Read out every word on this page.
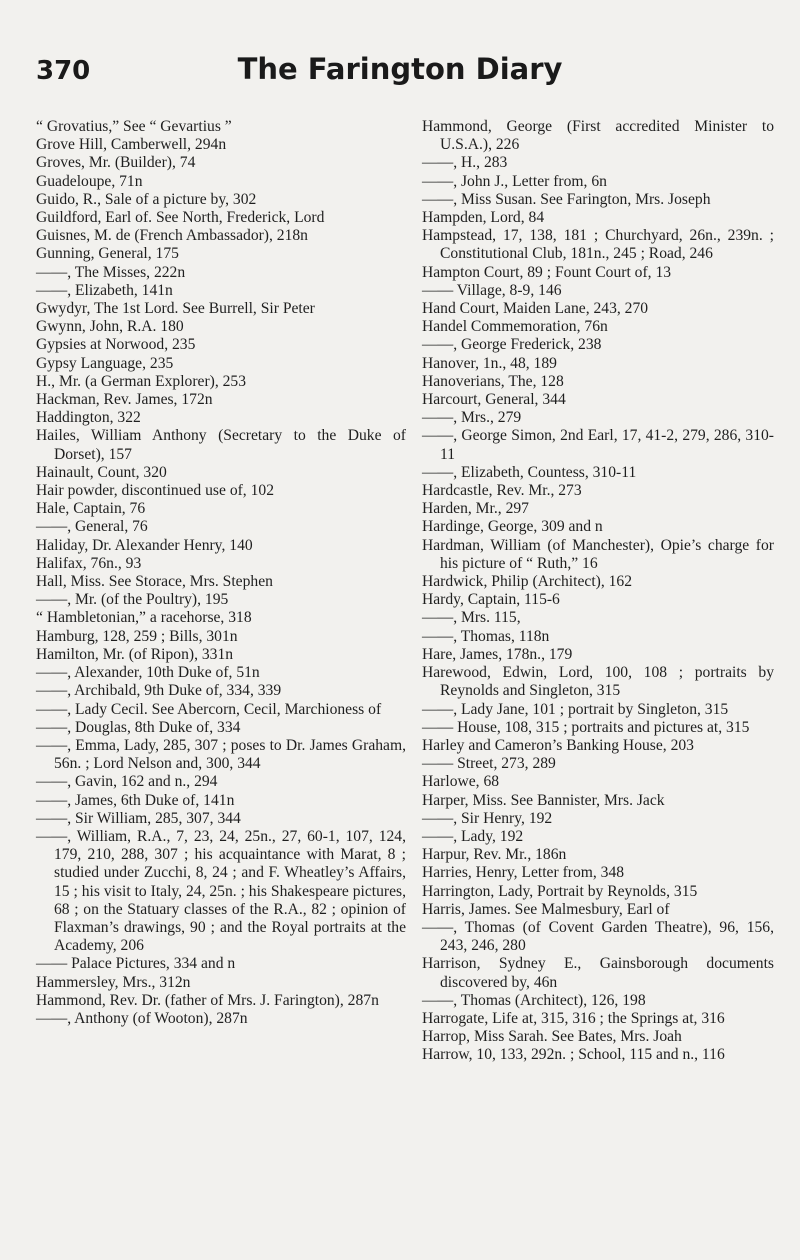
370	The Farington Diary
“ Grovatius,” See “ Gevartius ”
Grove Hill, Camberwell, 294n
Groves, Mr. (Builder), 74
Guadeloupe, 71n
Guido, R., Sale of a picture by, 302
Guildford, Earl of. See North, Frederick, Lord
Guisnes, M. de (French Ambassador), 218n
Gunning, General, 175
——, The Misses, 222n
——, Elizabeth, 141n
Gwydyr, The 1st Lord. See Burrell, Sir Peter
Gwynn, John, R.A. 180
Gypsies at Norwood, 235
Gypsy Language, 235
H., Mr. (a German Explorer), 253
Hackman, Rev. James, 172n
Haddington, 322
Hailes, William Anthony (Secretary to the Duke of Dorset), 157
Hainault, Count, 320
Hair powder, discontinued use of, 102
Hale, Captain, 76
——, General, 76
Haliday, Dr. Alexander Henry, 140
Halifax, 76n., 93
Hall, Miss. See Storace, Mrs. Stephen
——, Mr. (of the Poultry), 195
“ Hambletonian,” a racehorse, 318
Hamburg, 128, 259 ; Bills, 301n
Hamilton, Mr. (of Ripon), 331n
——, Alexander, 10th Duke of, 51n
——, Archibald, 9th Duke of, 334, 339
——, Lady Cecil. See Abercorn, Cecil, Marchioness of
——, Douglas, 8th Duke of, 334
——, Emma, Lady, 285, 307 ; poses to Dr. James Graham, 56n. ; Lord Nelson and, 300, 344
——, Gavin, 162 and n., 294
——, James, 6th Duke of, 141n
——, Sir William, 285, 307, 344
——, William, R.A., 7, 23, 24, 25n., 27, 60-1, 107, 124, 179, 210, 288, 307 ; his acquaintance with Marat, 8 ; studied under Zucchi, 8, 24 ; and F. Wheatley’s Affairs, 15 ; his visit to Italy, 24, 25n. ; his Shakespeare pictures, 68 ; on the Statuary classes of the R.A., 82 ; opinion of Flaxman’s drawings, 90 ; and the Royal portraits at the Academy, 206
—— Palace Pictures, 334 and n
Hammersley, Mrs., 312n
Hammond, Rev. Dr. (father of Mrs. J. Farington), 287n
——, Anthony (of Wooton), 287n
Hammond, George (First accredited Minister to U.S.A.), 226
——, H., 283
——, John J., Letter from, 6n
——, Miss Susan. See Farington, Mrs. Joseph
Hampden, Lord, 84
Hampstead, 17, 138, 181 ; Churchyard, 26n., 239n. ; Constitutional Club, 181n., 245 ; Road, 246
Hampton Court, 89 ; Fount Court of, 13
—— Village, 8-9, 146
Hand Court, Maiden Lane, 243, 270
Handel Commemoration, 76n
——, George Frederick, 238
Hanover, 1n., 48, 189
Hanoverians, The, 128
Harcourt, General, 344
——, Mrs., 279
——, George Simon, 2nd Earl, 17, 41-2, 279, 286, 310-11
——, Elizabeth, Countess, 310-11
Hardcastle, Rev. Mr., 273
Harden, Mr., 297
Hardinge, George, 309 and n
Hardman, William (of Manchester), Opie’s charge for his picture of “ Ruth,” 16
Hardwick, Philip (Architect), 162
Hardy, Captain, 115-6
——, Mrs. 115,
——, Thomas, 118n
Hare, James, 178n., 179
Harewood, Edwin, Lord, 100, 108 ; portraits by Reynolds and Singleton, 315
——, Lady Jane, 101 ; portrait by Singleton, 315
—— House, 108, 315 ; portraits and pictures at, 315
Harley and Cameron’s Banking House, 203
—— Street, 273, 289
Harlowe, 68
Harper, Miss. See Bannister, Mrs. Jack
——, Sir Henry, 192
——, Lady, 192
Harpur, Rev. Mr., 186n
Harries, Henry, Letter from, 348
Harrington, Lady, Portrait by Reynolds, 315
Harris, James. See Malmesbury, Earl of
——, Thomas (of Covent Garden Theatre), 96, 156, 243, 246, 280
Harrison, Sydney E., Gainsborough documents discovered by, 46n
——, Thomas (Architect), 126, 198
Harrogate, Life at, 315, 316 ; the Springs at, 316
Harrop, Miss Sarah. See Bates, Mrs. Joah
Harrow, 10, 133, 292n. ; School, 115 and n., 116
